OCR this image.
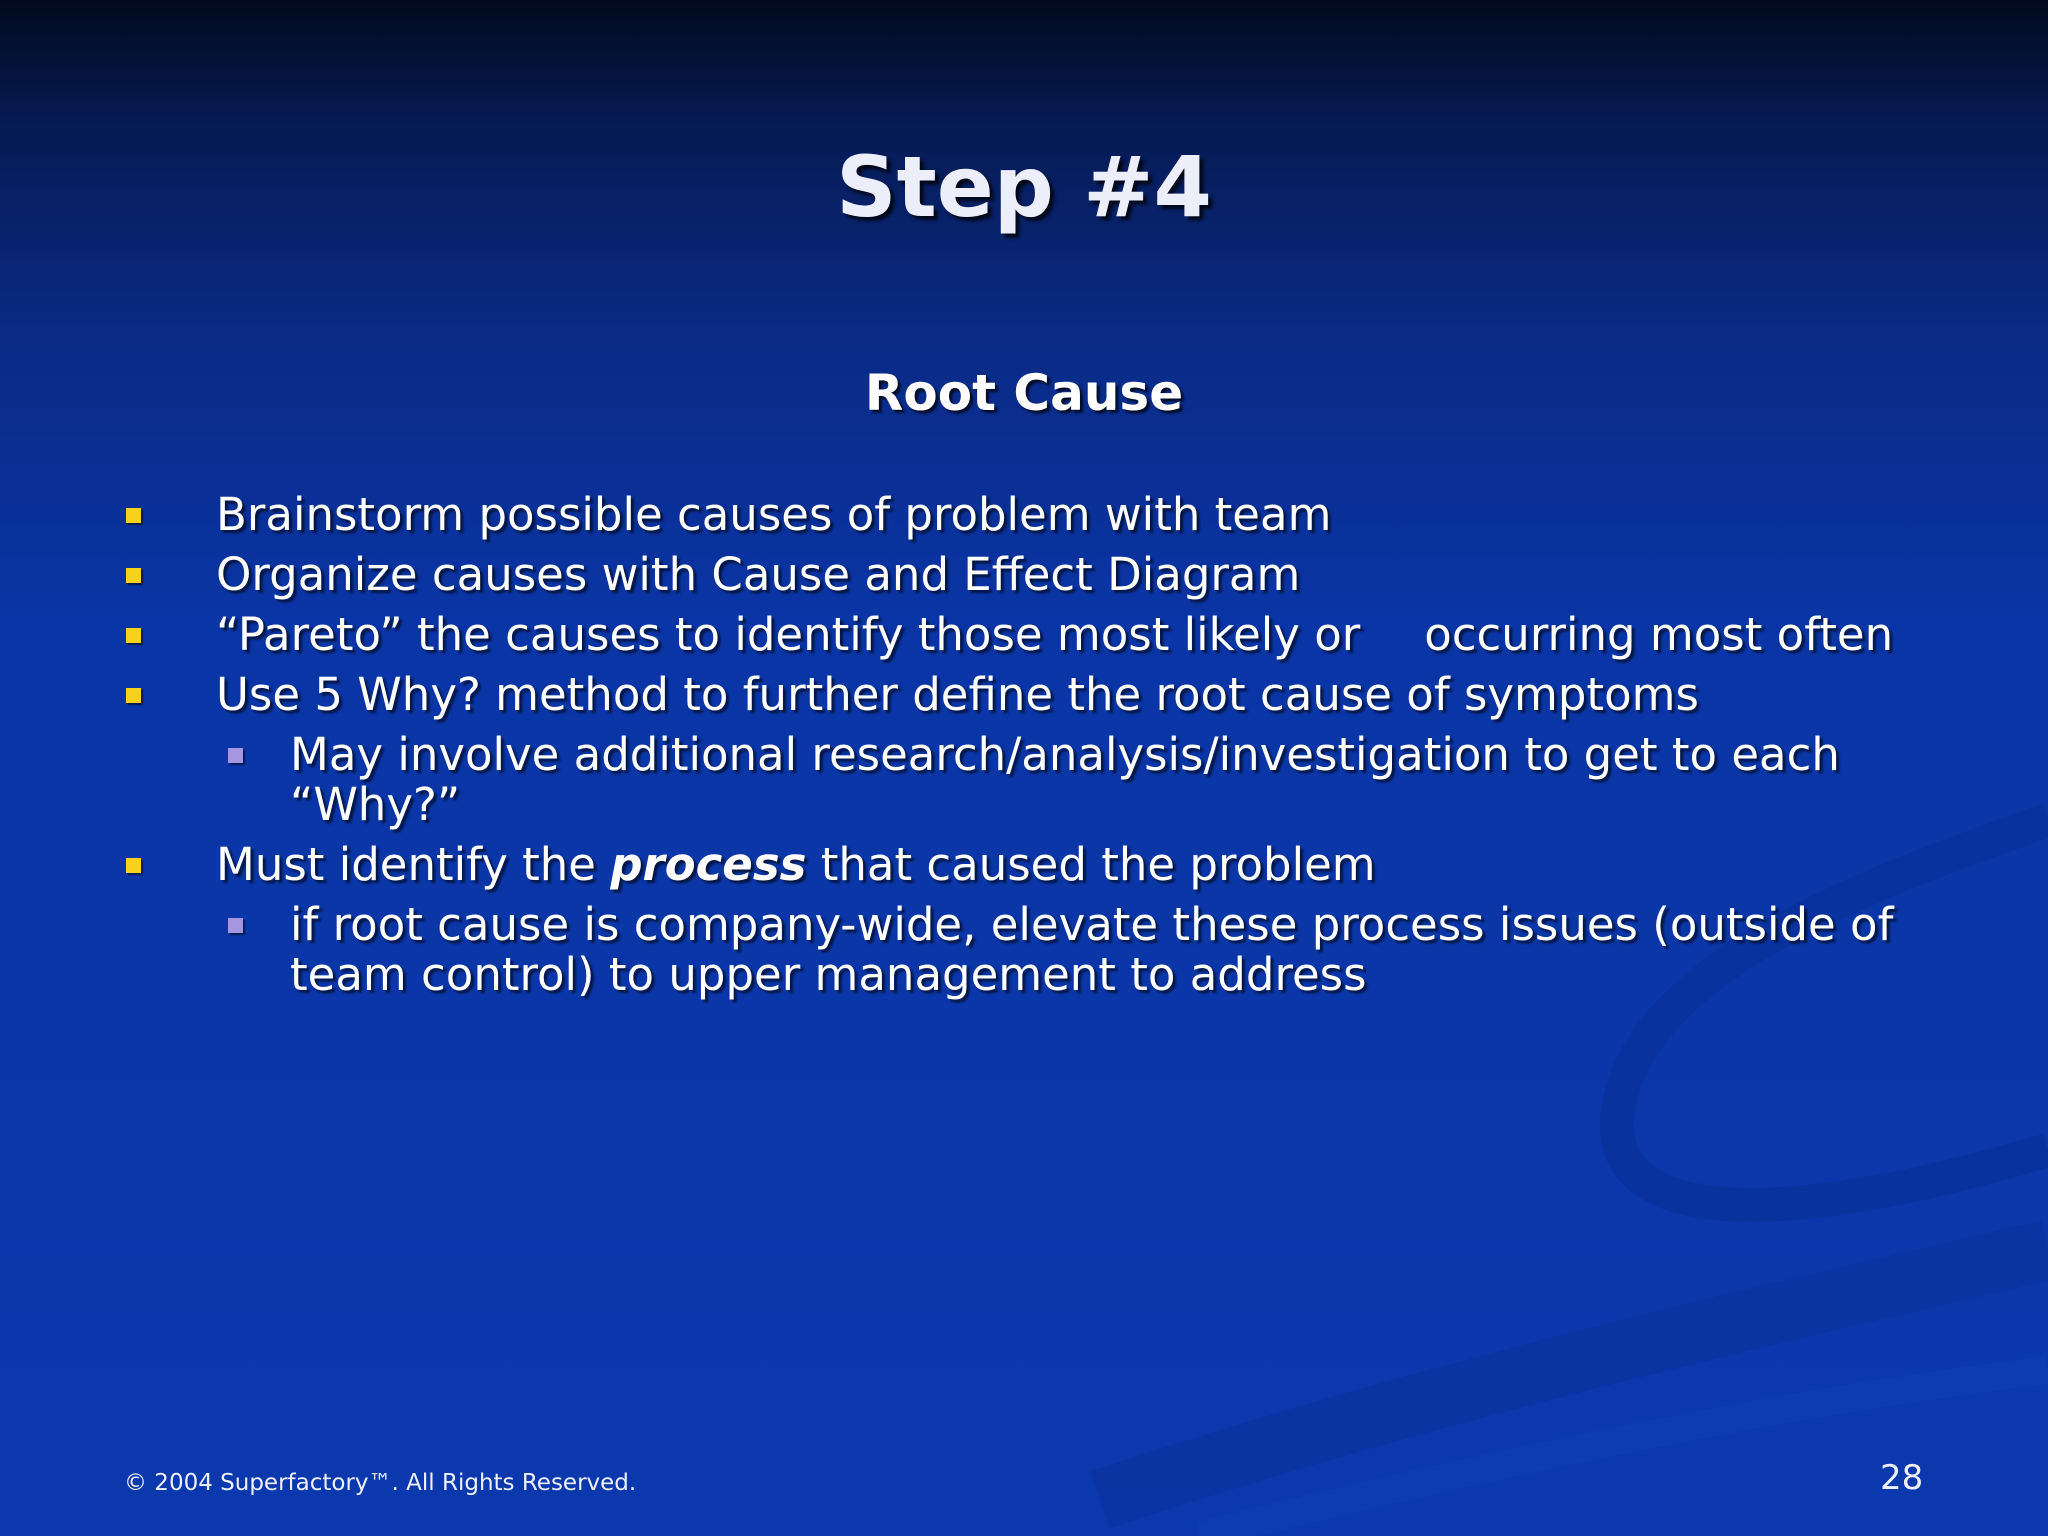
Step #4
Root Cause
Brainstorm possible causes of problem with team
Organize causes with Cause and Effect Diagram
“Pareto” the causes to identify those most likely or occurring most often
Use 5 Why? method to further define the root cause of symptoms
May involve additional research/analysis/investigation to get to each
“Why?”
Must identify the process that caused the problem
if root cause is company-wide, elevate these process issues (outside of
team control) to upper management to address
© 2004 Superfactory™. All Rights Reserved.	28
